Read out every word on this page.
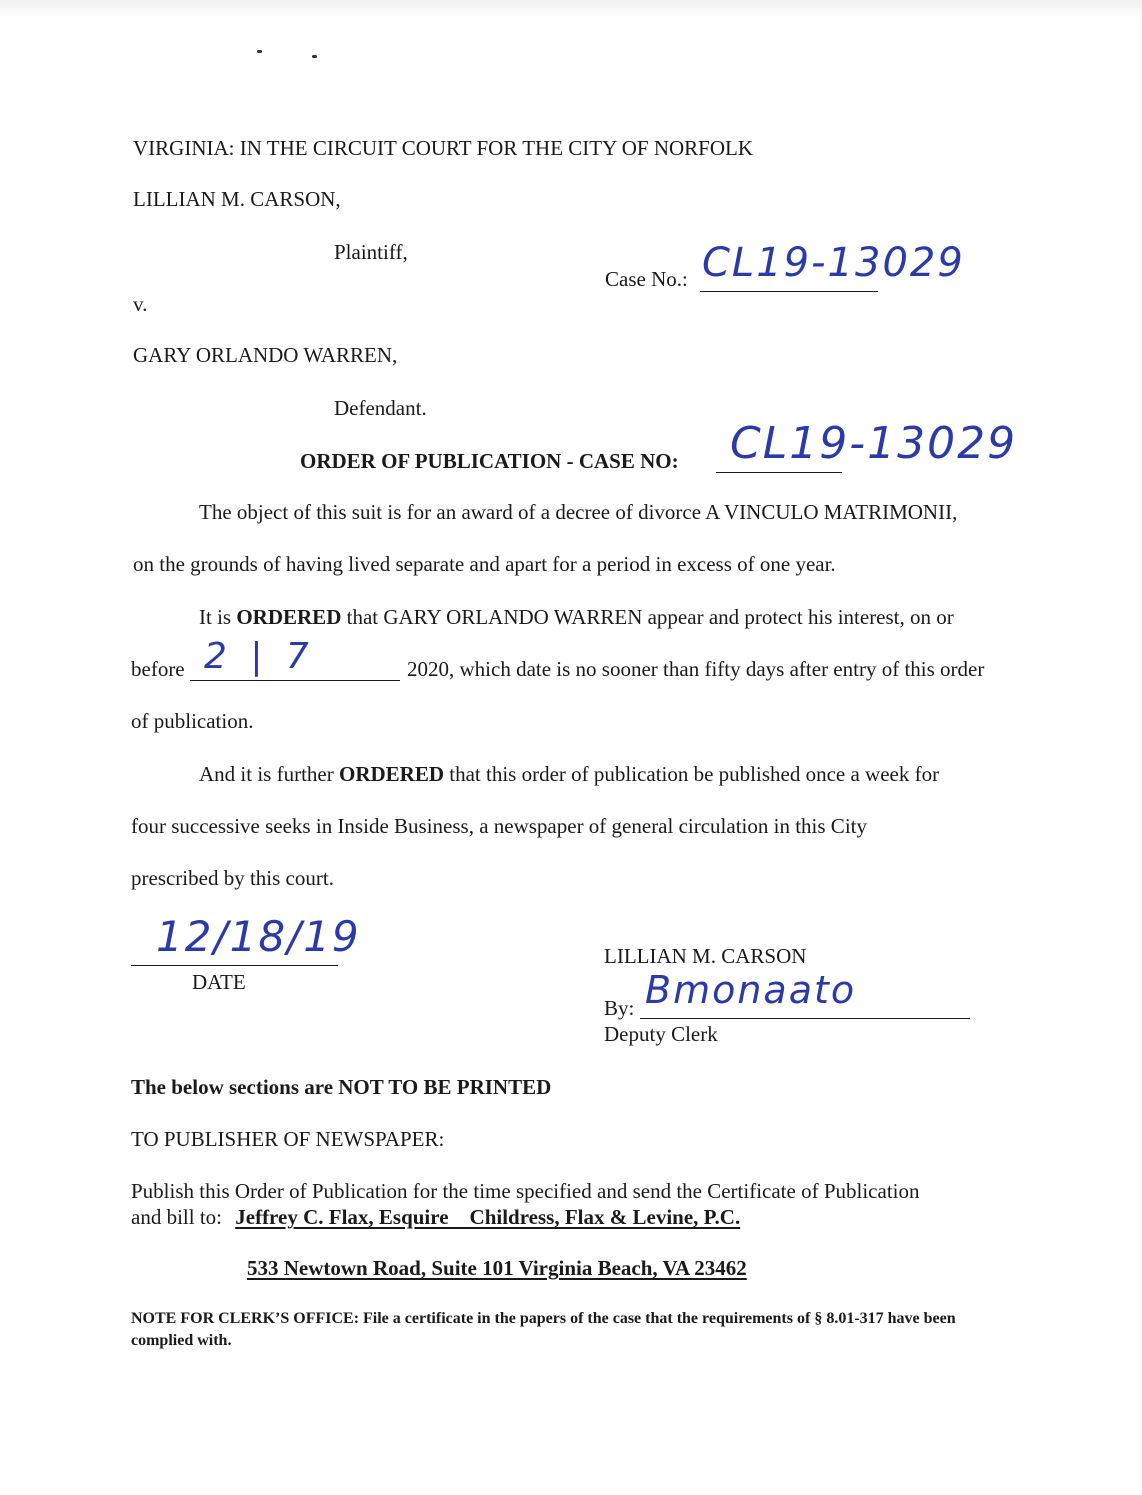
VIRGINIA: IN THE CIRCUIT COURT FOR THE CITY OF NORFOLK
LILLIAN M. CARSON,
Plaintiff,
Case No.: CL19-13029
v.
GARY ORLANDO WARREN,
Defendant.
ORDER OF PUBLICATION - CASE NO: CL19-13029
The object of this suit is for an award of a decree of divorce A VINCULO MATRIMONII,
on the grounds of having lived separate and apart for a period in excess of one year.
It is ORDERED that GARY ORLANDO WARREN appear and protect his interest, on or
before 2 | 7	2020, which date is no sooner than fifty days after entry of this order
of publication.
And it is further ORDERED that this order of publication be published once a week for
four successive seeks in Inside Business, a newspaper of general circulation in this City
prescribed by this court.
12/18/19
DATE
LILLIAN M. CARSON
By: Bmonaato
Deputy Clerk
The below sections are NOT TO BE PRINTED
TO PUBLISHER OF NEWSPAPER:
Publish this Order of Publication for the time specified and send the Certificate of Publication
and bill to: Jeffrey C. Flax, Esquire    Childress, Flax & Levine, P.C.
533 Newtown Road, Suite 101 Virginia Beach, VA 23462
NOTE FOR CLERK’S OFFICE: File a certificate in the papers of the case that the requirements of § 8.01-317 have been complied with.
